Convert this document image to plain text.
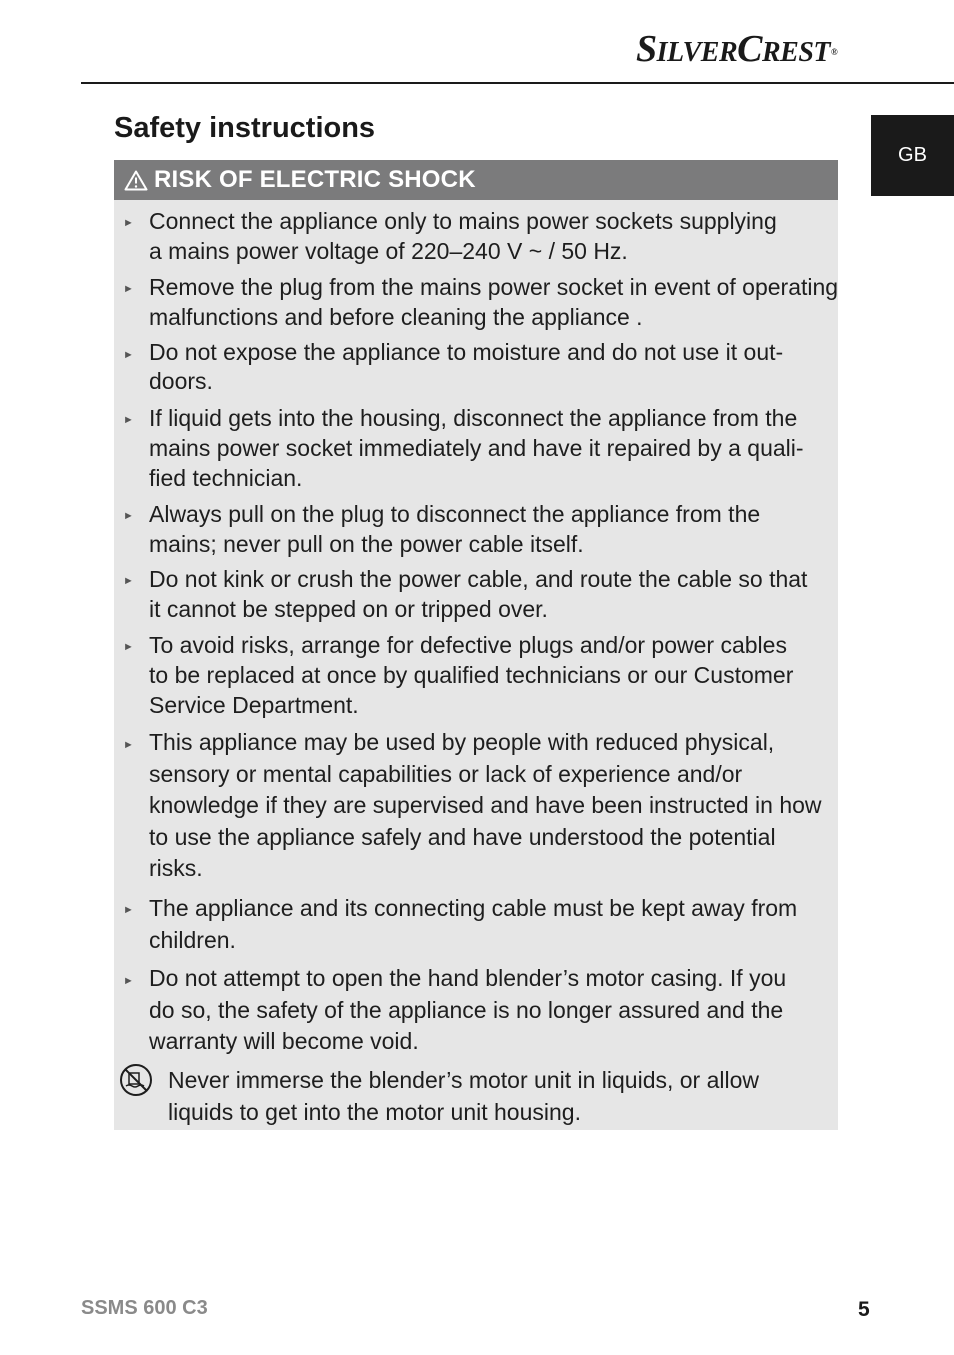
SILVERCREST®
GB
Safety instructions
RISK OF ELECTRIC SHOCK
► Connect the appliance only to mains power sockets supplying
a mains power voltage of 220–240 V ~ / 50 Hz.
► Remove the plug from the mains power socket in event of operating
malfunctions and before cleaning the appliance .
► Do not expose the appliance to moisture and do not use it out-
doors.
► If liquid gets into the housing, disconnect the appliance from the
mains power socket immediately and have it repaired by a quali-
fied technician.
► Always pull on the plug to disconnect the appliance from the
mains; never pull on the power cable itself.
► Do not kink or crush the power cable, and route the cable so that
it cannot be stepped on or tripped over.
► To avoid risks, arrange for defective plugs and/or power cables
to be replaced at once by qualified technicians or our Customer
Service Department.
► This appliance may be used by people with reduced physical,
sensory or mental capabilities or lack of experience and/or
knowledge if they are supervised and have been instructed in how
to use the appliance safely and have understood the potential
risks.
► The appliance and its connecting cable must be kept away from
children.
► Do not attempt to open the hand blender’s motor casing. If you
do so, the safety of the appliance is no longer assured and the
warranty will become void.
Never immerse the blender’s motor unit in liquids, or allow
liquids to get into the motor unit housing.
SSMS 600 C3	5
